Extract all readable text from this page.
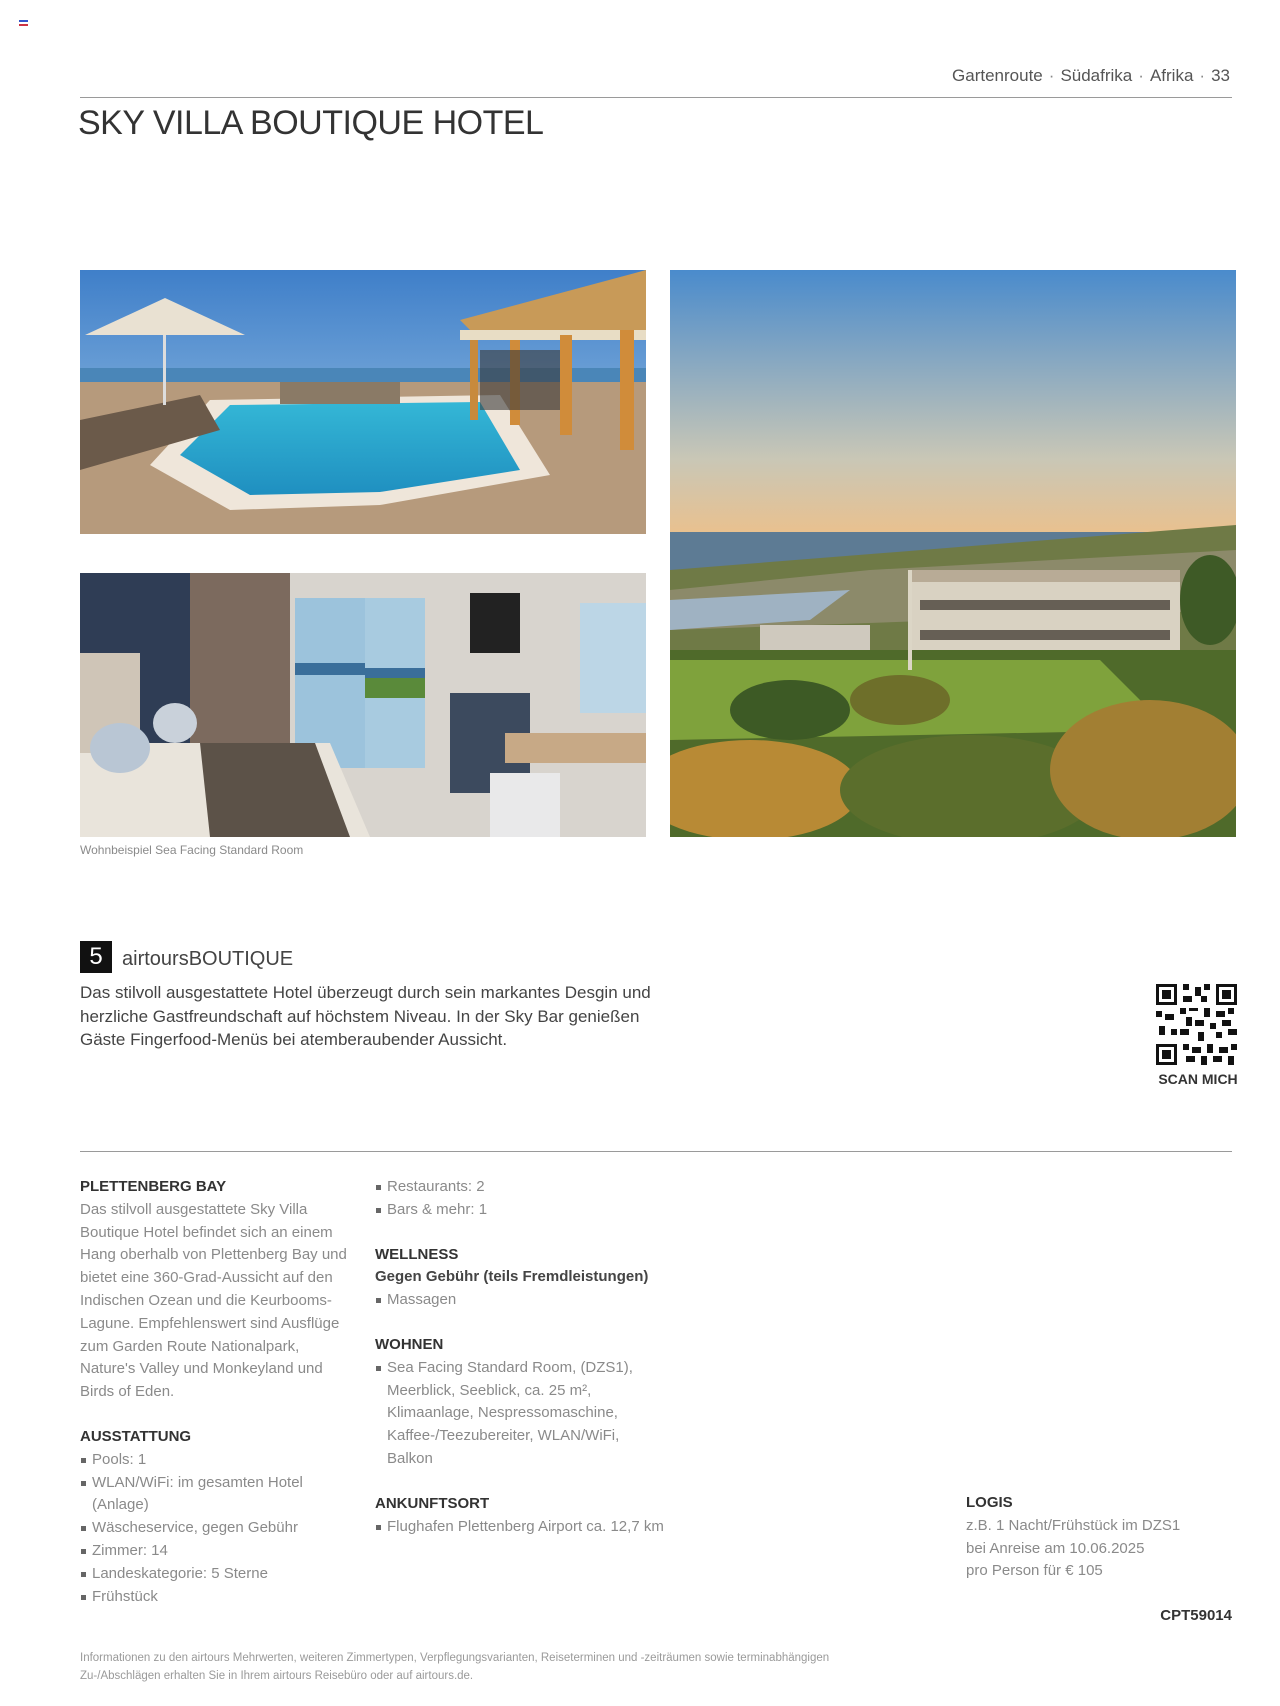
Gartenroute · Südafrika · Afrika · 33
SKY VILLA BOUTIQUE HOTEL
Wohnbeispiel Sea Facing Standard Room
5 airtoursBOUTIQUE

Das stilvoll ausgestattete Hotel überzeugt durch sein markantes Desgin und herzliche Gastfreundschaft auf höchstem Niveau. In der Sky Bar genießen Gäste Fingerfood-Menüs bei atemberaubender Aussicht.

SCAN MICH
PLETTENBERG BAY

Das stilvoll ausgestattete Sky Villa Boutique Hotel befindet sich an einem Hang oberhalb von Plettenberg Bay und bietet eine 360-Grad-Aussicht auf den Indischen Ozean und die Keurbooms-Lagune. Empfehlenswert sind Ausflüge zum Garden Route Nationalpark, Nature's Valley und Monkeyland und Birds of Eden.

AUSSTATTUNG
Pools: 1
WLAN/WiFi: im gesamten Hotel (Anlage)
Wäscheservice, gegen Gebühr
Zimmer: 14
Landeskategorie: 5 Sterne
Frühstück
Restaurants: 2
Bars & mehr: 1
WELLNESS

Gegen Gebühr (teils Fremdleistungen)

Massagen
WOHNEN
Sea Facing Standard Room, (DZS1), Meerblick, Seeblick, ca. 25 m², Klimaanlage, Nespressomaschine, Kaffee-/Teezubereiter, WLAN/WiFi, Balkon
ANKUNFTSORT
Flughafen Plettenberg Airport ca. 12,7 km
LOGIS

z.B. 1 Nacht/Frühstück im DZS1

bei Anreise am 10.06.2025

pro Person für € 105

CPT59014

Informationen zu den airtours Mehrwerten, weiteren Zimmertypen, Verpflegungsvarianten, Reiseterminen und -zeiträumen sowie terminabhängigen Zu-/Abschlägen erhalten Sie in Ihrem airtours Reisebüro oder auf airtours.de.
